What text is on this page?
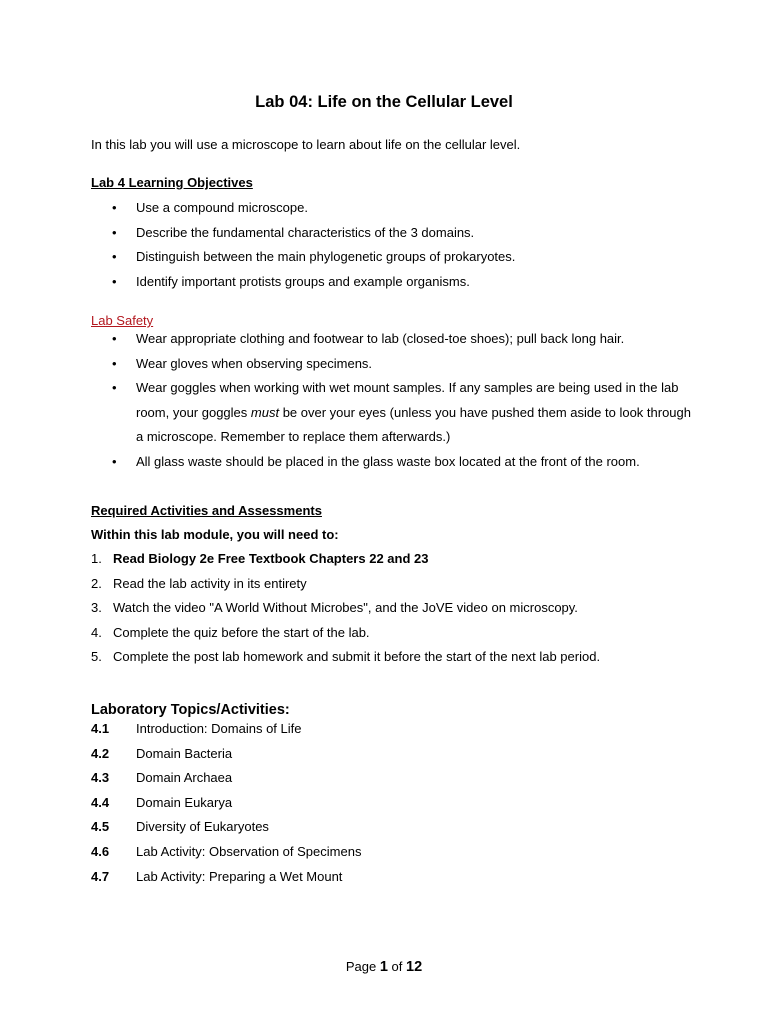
Lab 04: Life on the Cellular Level
In this lab you will use a microscope to learn about life on the cellular level.
Lab 4 Learning Objectives
• Use a compound microscope.
• Describe the fundamental characteristics of the 3 domains.
• Distinguish between the main phylogenetic groups of prokaryotes.
• Identify important protists groups and example organisms.
Lab Safety
• Wear appropriate clothing and footwear to lab (closed-toe shoes); pull back long hair.
• Wear gloves when observing specimens.
• Wear goggles when working with wet mount samples. If any samples are being used in the lab room, your goggles must be over your eyes (unless you have pushed them aside to look through a microscope. Remember to replace them afterwards.)
• All glass waste should be placed in the glass waste box located at the front of the room.
Required Activities and Assessments
Within this lab module, you will need to:
1. Read Biology 2e Free Textbook Chapters 22 and 23
2. Read the lab activity in its entirety
3. Watch the video "A World Without Microbes", and the JoVE video on microscopy.
4. Complete the quiz before the start of the lab.
5. Complete the post lab homework and submit it before the start of the next lab period.
Laboratory Topics/Activities:
4.1 Introduction: Domains of Life
4.2 Domain Bacteria
4.3 Domain Archaea
4.4 Domain Eukarya
4.5 Diversity of Eukaryotes
4.6 Lab Activity: Observation of Specimens
4.7 Lab Activity: Preparing a Wet Mount
Page 1 of 12
